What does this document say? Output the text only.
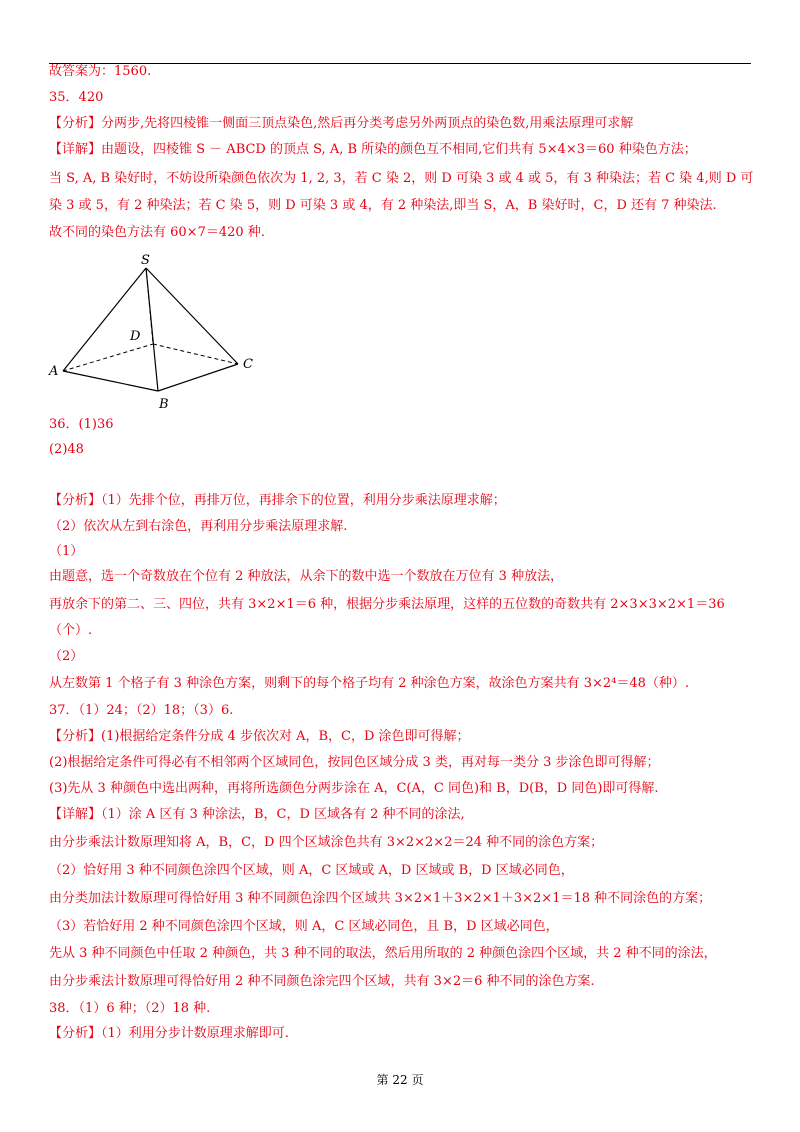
故答案为：1560.
35．420
【分析】分两步,先将四棱锥一侧面三顶点染色,然后再分类考虑另外两顶点的染色数,用乘法原理可求解
【详解】由题设，四棱锥 S － ABCD 的顶点 S, A, B 所染的颜色互不相同,它们共有 5×4×3＝60 种染色方法；
当 S, A, B 染好时，不妨设所染颜色依次为 1, 2, 3，若 C 染 2，则 D 可染 3 或 4 或 5，有 3 种染法；若 C 染 4,则 D 可
染 3 或 5，有 2 种染法；若 C 染 5，则 D 可染 3 或 4，有 2 种染法,即当 S，A，B 染好时，C，D 还有 7 种染法.
故不同的染色方法有 60×7＝420 种.
S
D
A
B
C
36．(1)36
(2)48
【分析】（1）先排个位，再排万位，再排余下的位置，利用分步乘法原理求解；
（2）依次从左到右涂色，再利用分步乘法原理求解.
（1）
由题意，选一个奇数放在个位有 2 种放法，从余下的数中选一个数放在万位有 3 种放法，
再放余下的第二、三、四位，共有 3×2×1＝6 种，根据分步乘法原理，这样的五位数的奇数共有 2×3×3×2×1＝36
（个）.
（2）
从左数第 1 个格子有 3 种涂色方案，则剩下的每个格子均有 2 种涂色方案，故涂色方案共有 3×2⁴＝48（种）.
37．（1）24；（2）18；（3）6.
【分析】(1)根据给定条件分成 4 步依次对 A，B，C，D 涂色即可得解；
(2)根据给定条件可得必有不相邻两个区域同色，按同色区域分成 3 类，再对每一类分 3 步涂色即可得解；
(3)先从 3 种颜色中选出两种，再将所选颜色分两步涂在 A，C(A，C 同色)和 B，D(B，D 同色)即可得解.
【详解】（1）涂 A 区有 3 种涂法，B，C，D 区域各有 2 种不同的涂法,
由分步乘法计数原理知将 A，B，C，D 四个区域涂色共有 3×2×2×2＝24 种不同的涂色方案；
（2）恰好用 3 种不同颜色涂四个区域，则 A，C 区域或 A，D 区域或 B，D 区域必同色，
由分类加法计数原理可得恰好用 3 种不同颜色涂四个区域共 3×2×1＋3×2×1＋3×2×1＝18 种不同涂色的方案；
（3）若恰好用 2 种不同颜色涂四个区域，则 A，C 区域必同色，且 B，D 区域必同色，
先从 3 种不同颜色中任取 2 种颜色，共 3 种不同的取法，然后用所取的 2 种颜色涂四个区域，共 2 种不同的涂法，
由分步乘法计数原理可得恰好用 2 种不同颜色涂完四个区域，共有 3×2＝6 种不同的涂色方案.
38．（1）6 种；（2）18 种.
【分析】（1）利用分步计数原理求解即可.
第 22 页
